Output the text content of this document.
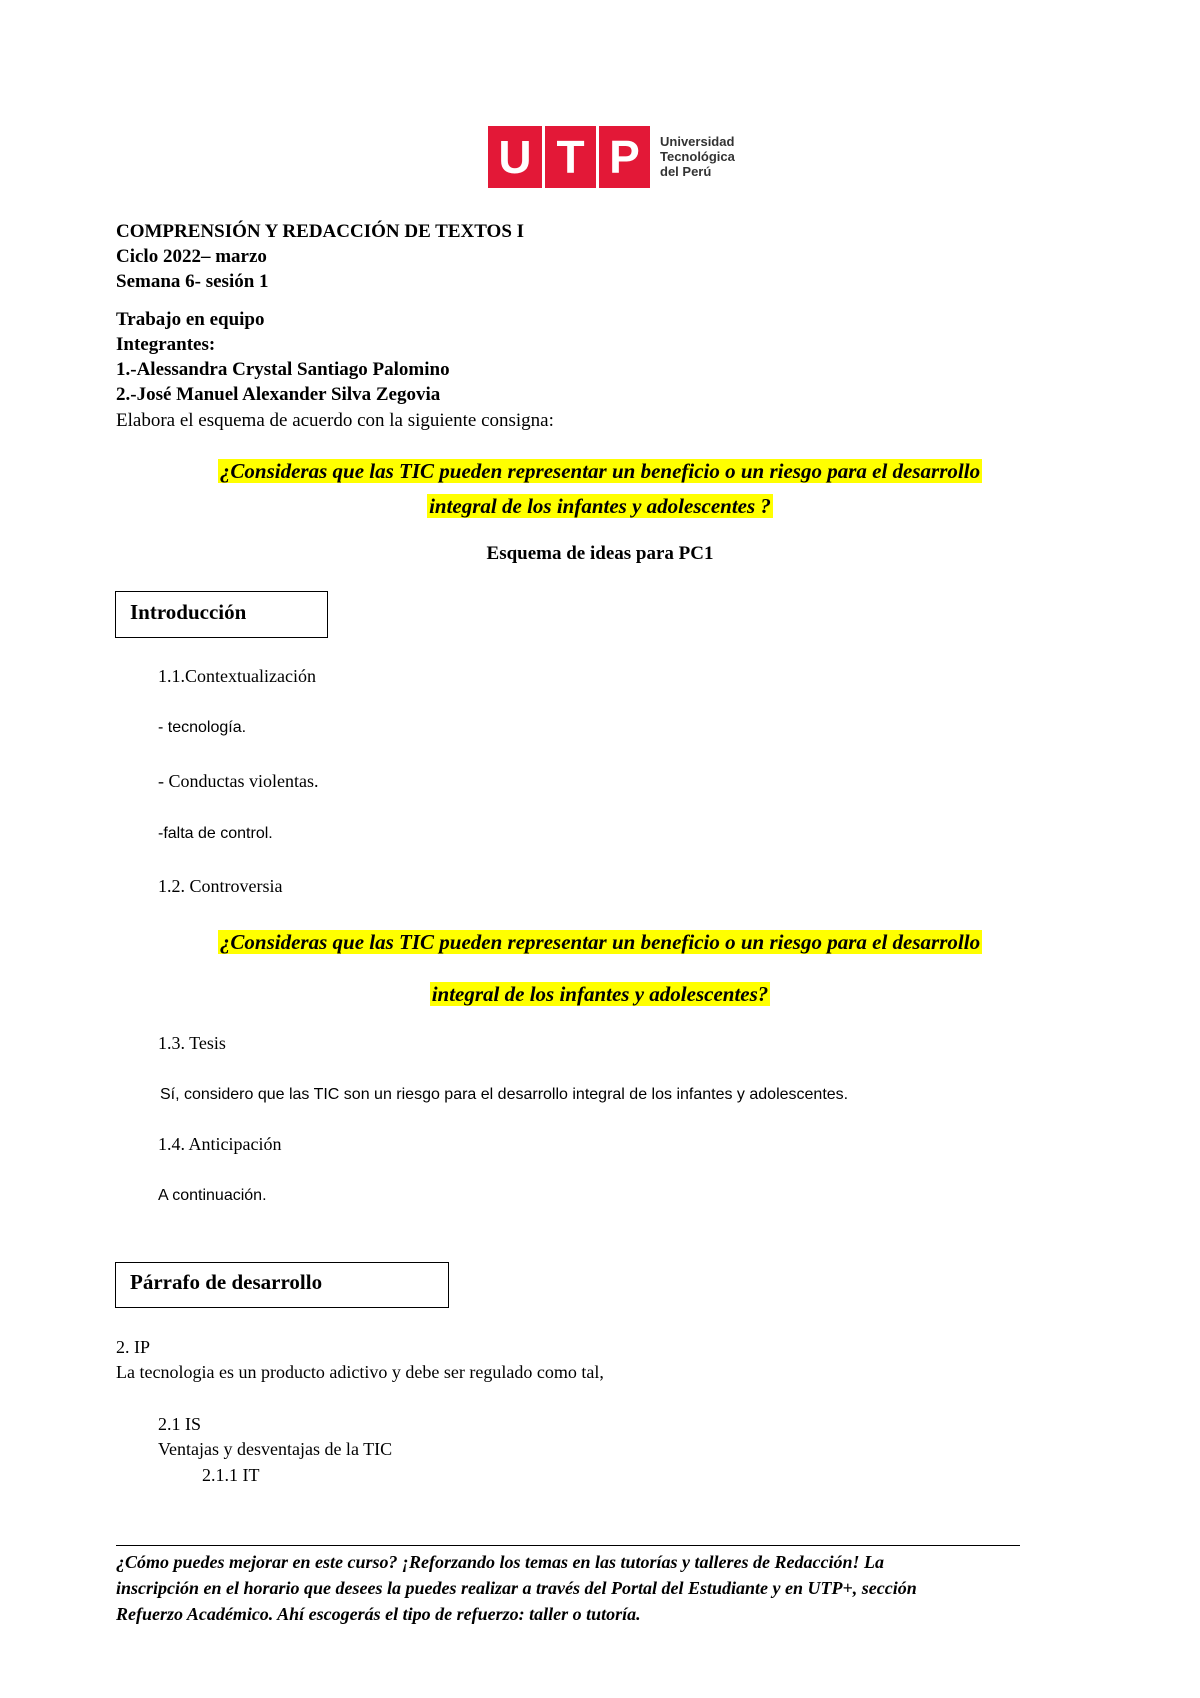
U T P	Universidad
Tecnológica
del Perú
COMPRENSIÓN Y REDACCIÓN DE TEXTOS I
Ciclo 2022– marzo
Semana 6- sesión 1
Trabajo en equipo
Integrantes:
1.-Alessandra Crystal Santiago Palomino
2.-José Manuel Alexander Silva Zegovia
Elabora el esquema de acuerdo con la siguiente consigna:
¿Consideras que las TIC pueden representar un beneficio o un riesgo para el desarrollo
integral de los infantes y adolescentes ?
Esquema de ideas para PC1
Introducción
1.1.Contextualización
- tecnología.
- Conductas violentas.
-falta de control.
1.2. Controversia
¿Consideras que las TIC pueden representar un beneficio o un riesgo para el desarrollo
integral de los infantes y adolescentes?
1.3. Tesis
Sí, considero que las TIC son un riesgo para el desarrollo integral de los infantes y adolescentes.
1.4. Anticipación
A continuación.
Párrafo de desarrollo
2. IP
La tecnologia es un producto adictivo y debe ser regulado como tal,
2.1 IS
Ventajas y desventajas de la TIC
2.1.1 IT
¿Cómo puedes mejorar en este curso? ¡Reforzando los temas en las tutorías y talleres de Redacción! La
inscripción en el horario que desees la puedes realizar a través del Portal del Estudiante y en UTP+, sección
Refuerzo Académico. Ahí escogerás el tipo de refuerzo: taller o tutoría.
